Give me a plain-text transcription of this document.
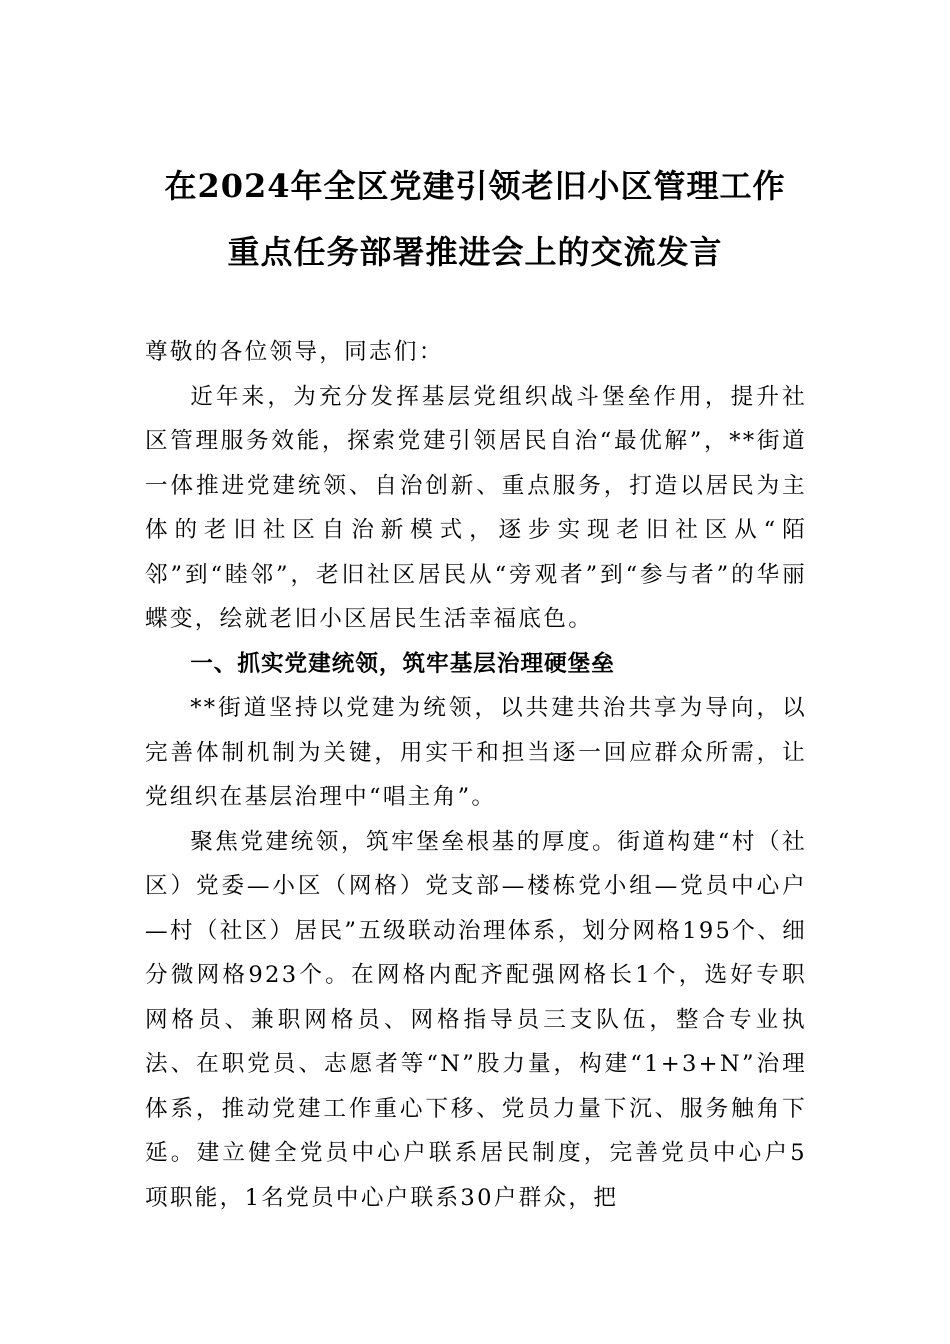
在2024年全区党建引领老旧小区管理工作
重点任务部署推进会上的交流发言

尊敬的各位领导，同志们：

近年来，为充分发挥基层党组织战斗堡垒作用，提升社区管理服务效能，探索党建引领居民自治“最优解”，**街道一体推进党建统领、自治创新、重点服务，打造以居民为主体的老旧社区自治新模式，逐步实现老旧社区从“陌邻”到“睦邻”，老旧社区居民从“旁观者”到“参与者”的华丽蝶变，绘就老旧小区居民生活幸福底色。

一、抓实党建统领，筑牢基层治理硬堡垒

**街道坚持以党建为统领，以共建共治共享为导向，以完善体制机制为关键，用实干和担当逐一回应群众所需，让党组织在基层治理中“唱主角”。

聚焦党建统领，筑牢堡垒根基的厚度。街道构建“村（社区）党委—小区（网格）党支部—楼栋党小组—党员中心户—村（社区）居民”五级联动治理体系，划分网格195个、细分微网格923个。在网格内配齐配强网格长1个，选好专职网格员、兼职网格员、网格指导员三支队伍，整合专业执法、在职党员、志愿者等“N”股力量，构建“1+3+N”治理体系，推动党建工作重心下移、党员力量下沉、服务触角下延。建立健全党员中心户联系居民制度，完善党员中心户5项职能，1名党员中心户联系30户群众，把
